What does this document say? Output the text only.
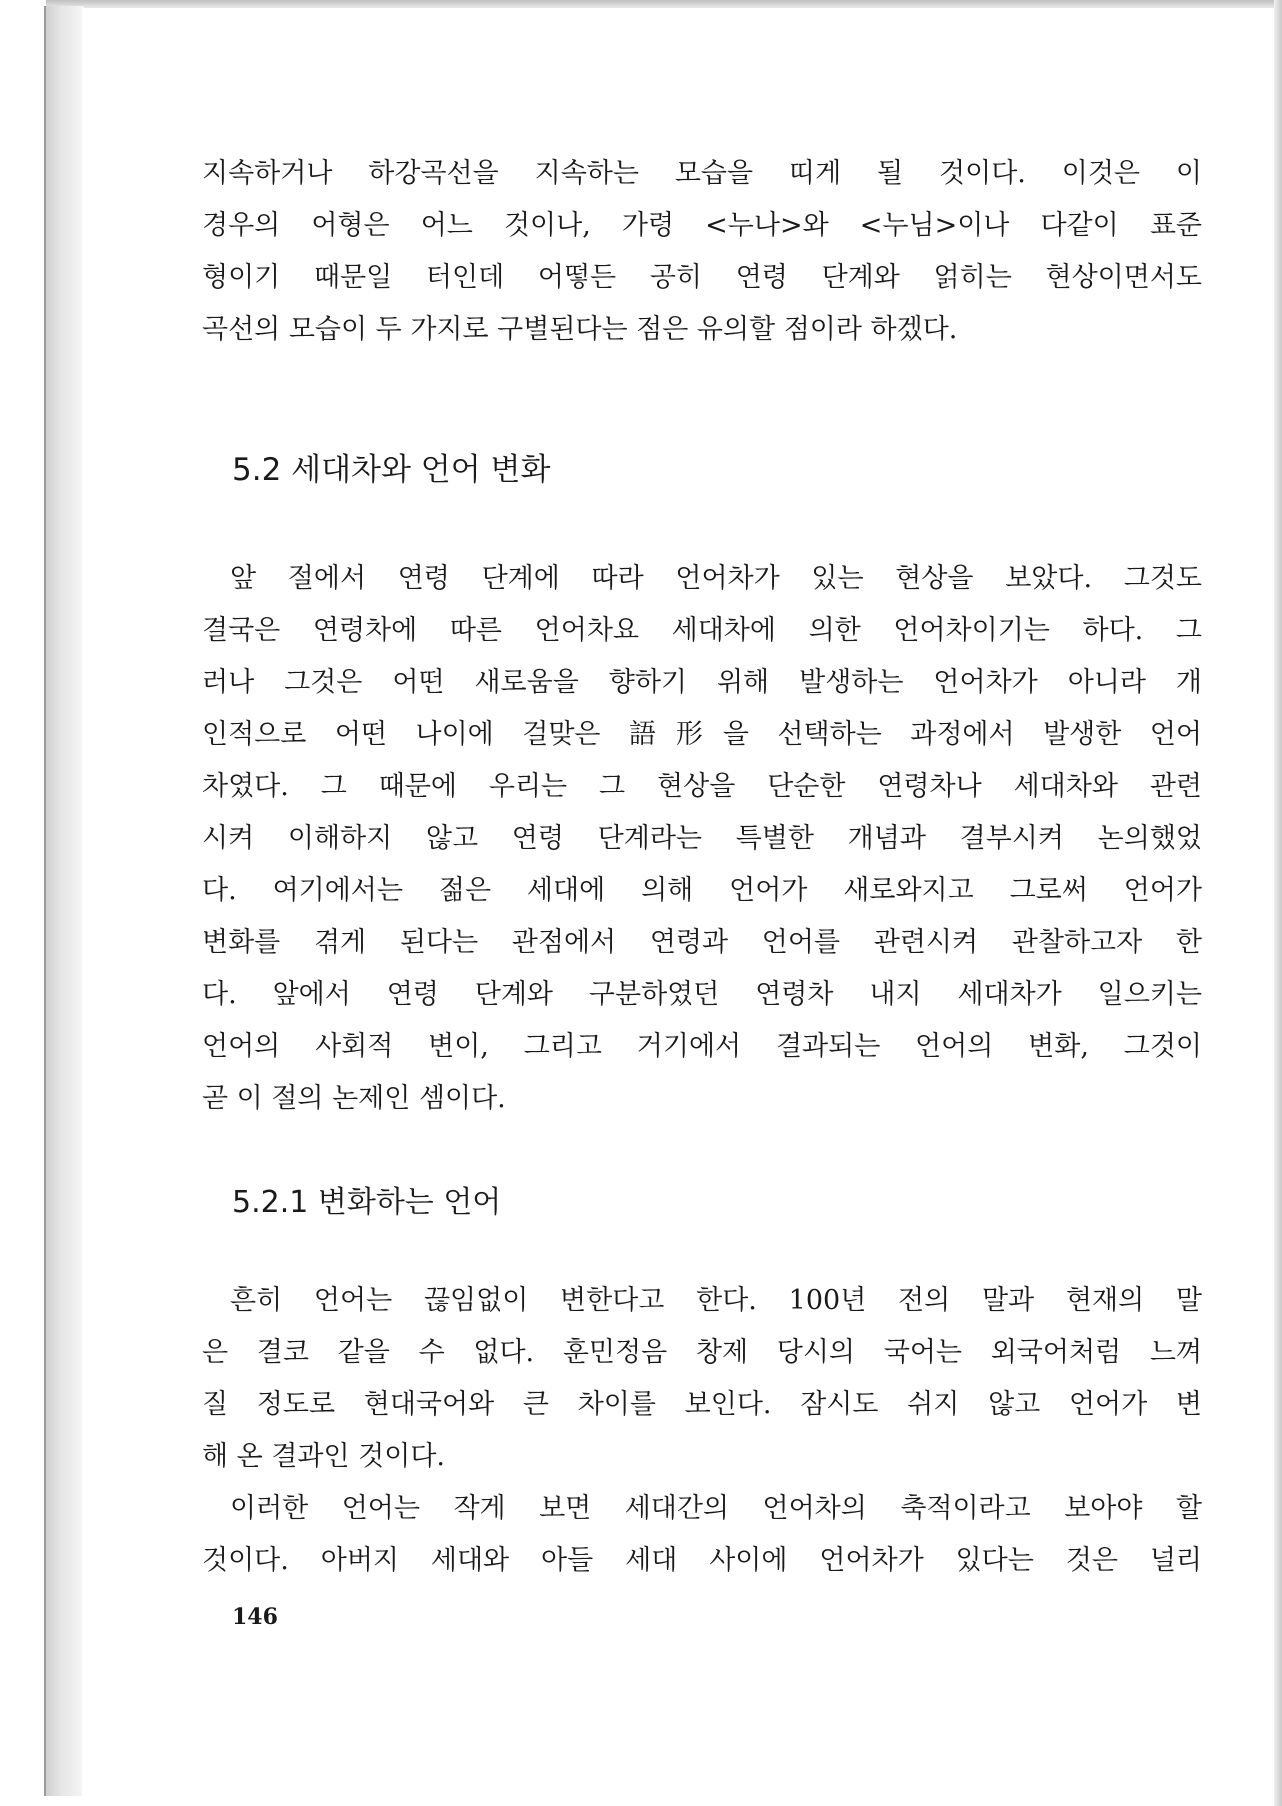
지속하거나 하강곡선을 지속하는 모습을 띠게 될 것이다. 이것은 이
경우의 어형은 어느 것이나, 가령 <누나>와 <누님>이나 다같이 표준
형이기 때문일 터인데 어떻든 공히 연령 단계와 얽히는 현상이면서도
곡선의 모습이 두 가지로 구별된다는 점은 유의할 점이라 하겠다.

5.2 세대차와 언어 변화

앞 절에서 연령 단계에 따라 언어차가 있는 현상을 보았다. 그것도
결국은 연령차에 따른 언어차요 세대차에 의한 언어차이기는 하다. 그
러나 그것은 어떤 새로움을 향하기 위해 발생하는 언어차가 아니라 개
인적으로 어떤 나이에 걸맞은 語形을 선택하는 과정에서 발생한 언어
차였다. 그 때문에 우리는 그 현상을 단순한 연령차나 세대차와 관련
시켜 이해하지 않고 연령 단계라는 특별한 개념과 결부시켜 논의했었
다. 여기에서는 젊은 세대에 의해 언어가 새로와지고 그로써 언어가
변화를 겪게 된다는 관점에서 연령과 언어를 관련시켜 관찰하고자 한
다. 앞에서 연령 단계와 구분하였던 연령차 내지 세대차가 일으키는
언어의 사회적 변이, 그리고 거기에서 결과되는 언어의 변화, 그것이
곧 이 절의 논제인 셈이다.

5.2.1 변화하는 언어

흔히 언어는 끊임없이 변한다고 한다. 100년 전의 말과 현재의 말
은 결코 같을 수 없다. 훈민정음 창제 당시의 국어는 외국어처럼 느껴
질 정도로 현대국어와 큰 차이를 보인다. 잠시도 쉬지 않고 언어가 변
해 온 결과인 것이다.

이러한 언어는 작게 보면 세대간의 언어차의 축적이라고 보아야 할
것이다. 아버지 세대와 아들 세대 사이에 언어차가 있다는 것은 널리

146
